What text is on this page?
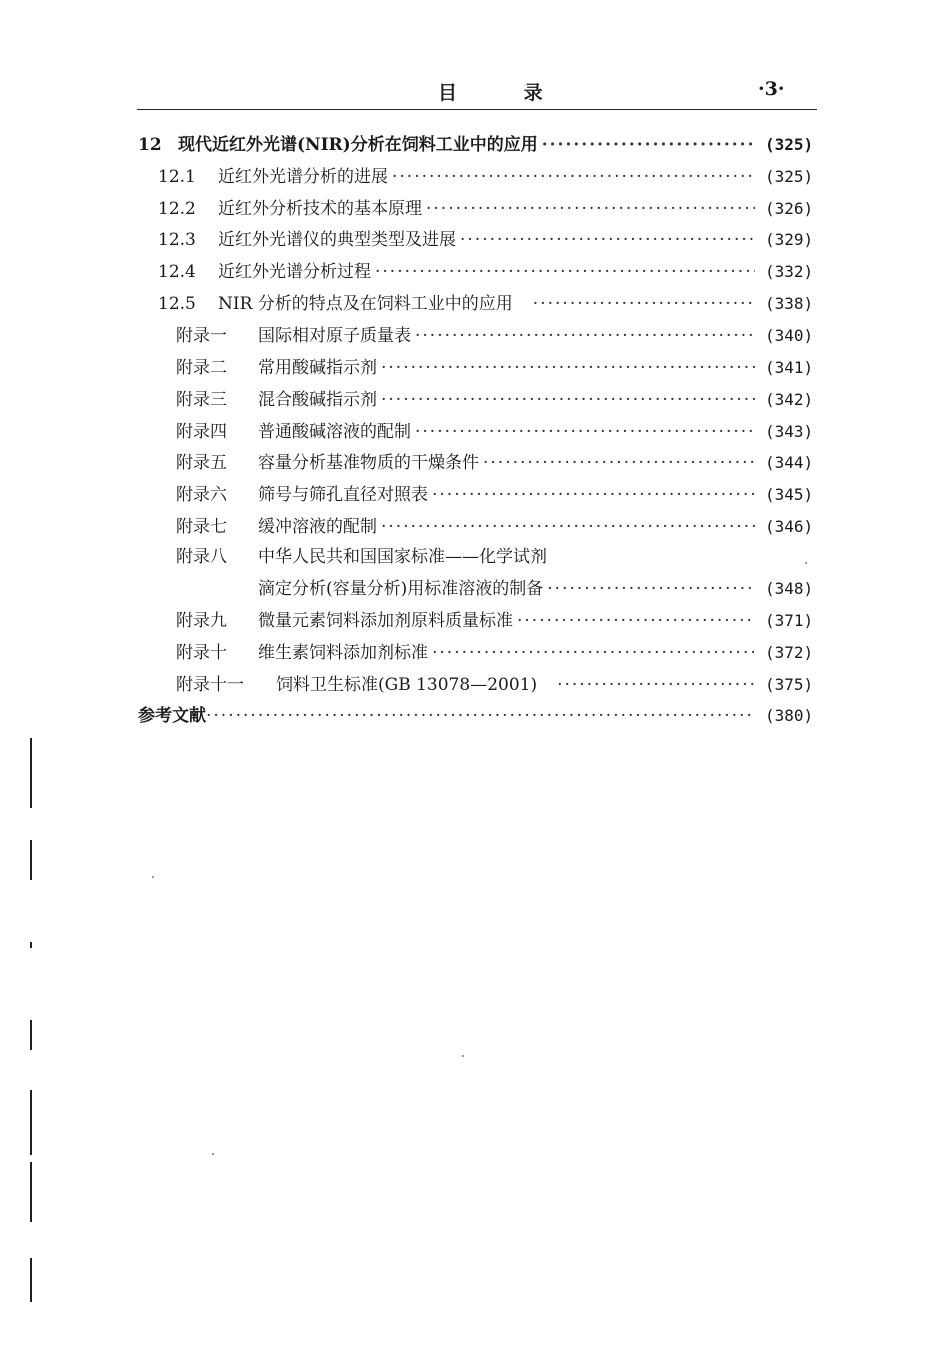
目 录	·3·
12 现代近红外光谱(NIR)分析在饲料工业中的应用 ·····	(325)
12.1 近红外光谱分析的进展 ·····	(325)
12.2 近红外分析技术的基本原理 ·····	(326)
12.3 近红外光谱仪的典型类型及进展 ·····	(329)
12.4 近红外光谱分析过程 ·····	(332)
12.5 NIR 分析的特点及在饲料工业中的应用 ·····	(338)
附录一 国际相对原子质量表 ·····	(340)
附录二 常用酸碱指示剂 ·····	(341)
附录三 混合酸碱指示剂 ·····	(342)
附录四 普通酸碱溶液的配制 ·····	(343)
附录五 容量分析基准物质的干燥条件 ·····	(344)
附录六 筛号与筛孔直径对照表 ·····	(345)
附录七 缓冲溶液的配制 ·····	(346)
附录八 中华人民共和国国家标准——化学试剂
滴定分析(容量分析)用标准溶液的制备 ·····	(348)
附录九 微量元素饲料添加剂原料质量标准 ·····	(371)
附录十 维生素饲料添加剂标准 ·····	(372)
附录十一 饲料卫生标准(GB 13078—2001) ·····	(375)
参考文献 ·····	(380)
